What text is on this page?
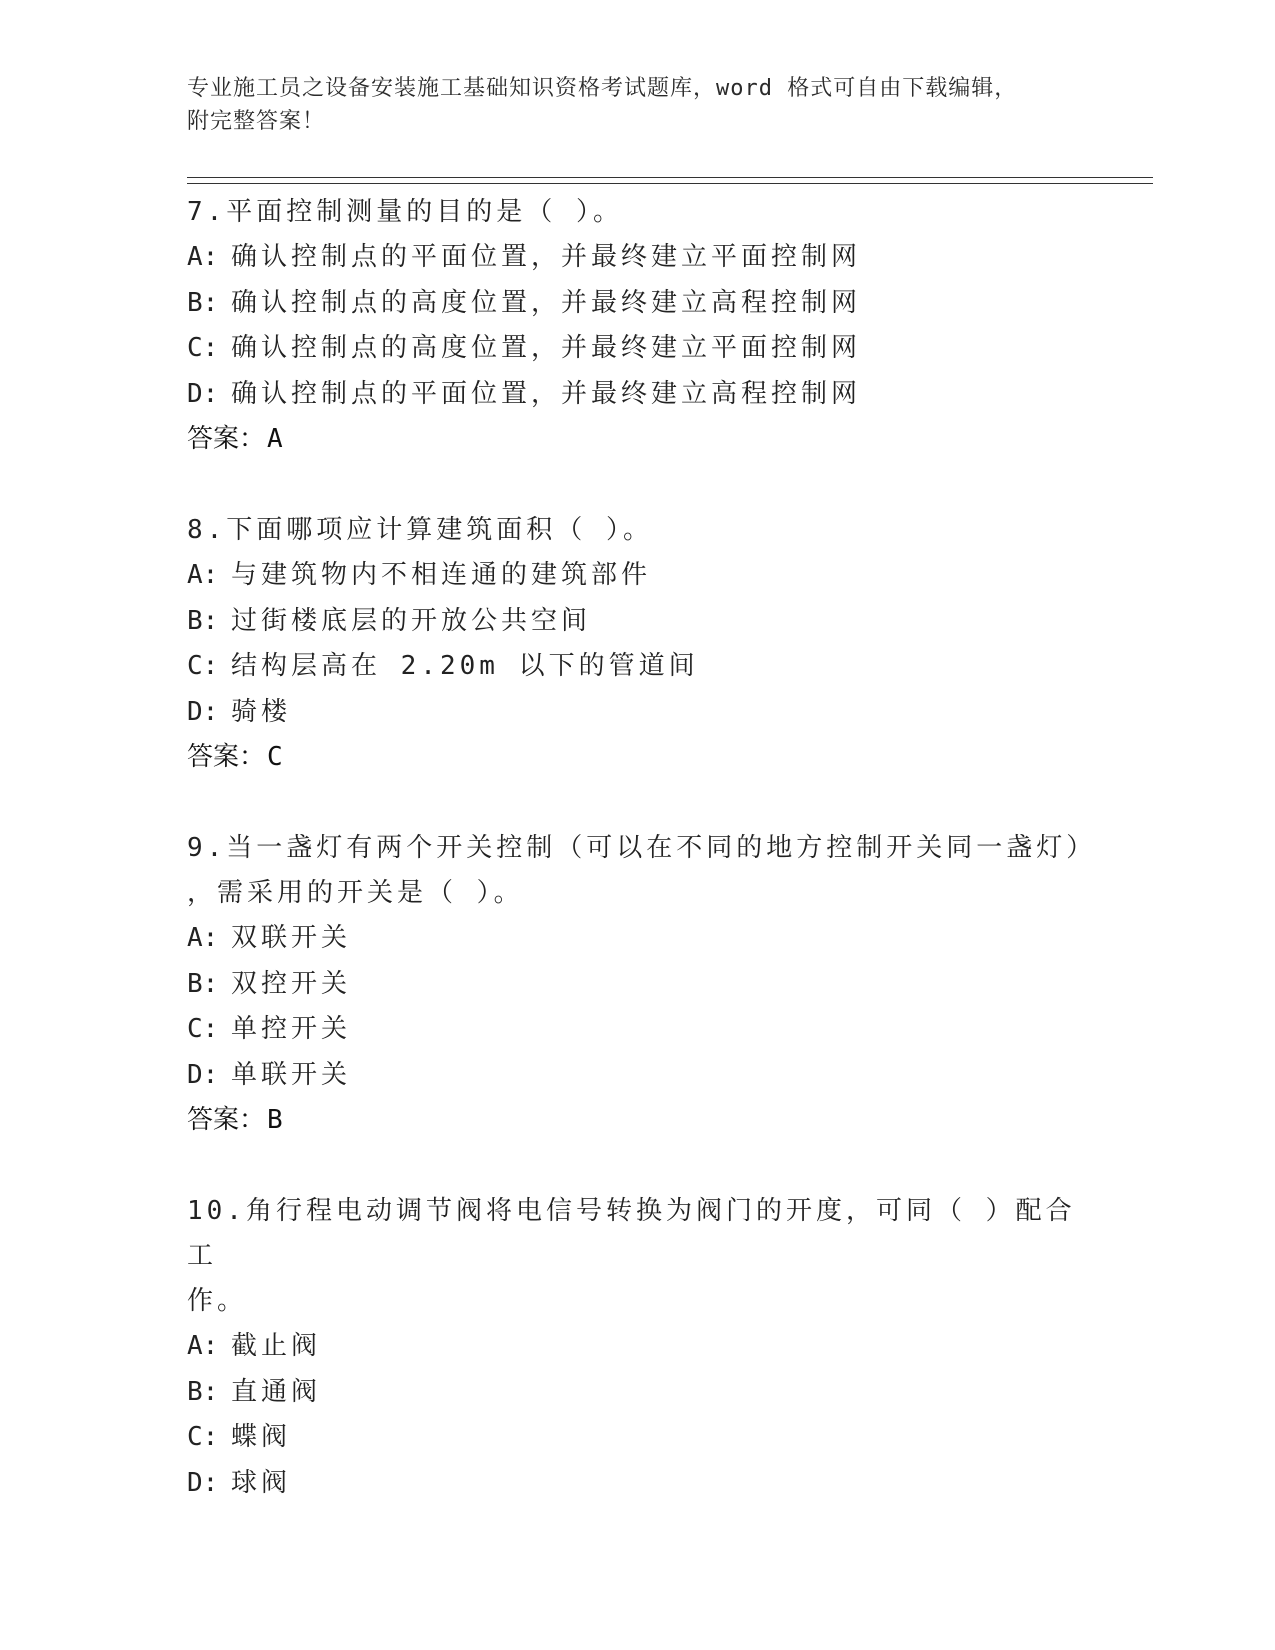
专业施工员之设备安装施工基础知识资格考试题库，word 格式可自由下载编辑，
附完整答案！
7.平面控制测量的目的是（ ）。
A: 确认控制点的平面位置，并最终建立平面控制网
B: 确认控制点的高度位置，并最终建立高程控制网
C: 确认控制点的高度位置，并最终建立平面控制网
D: 确认控制点的平面位置，并最终建立高程控制网
答案：A
8.下面哪项应计算建筑面积（ ）。
A: 与建筑物内不相连通的建筑部件
B: 过街楼底层的开放公共空间
C: 结构层高在 2.20m 以下的管道间
D: 骑楼
答案：C
9.当一盏灯有两个开关控制（可以在不同的地方控制开关同一盏灯）
，需采用的开关是（ ）。
A: 双联开关
B: 双控开关
C: 单控开关
D: 单联开关
答案：B
10.角行程电动调节阀将电信号转换为阀门的开度，可同（ ）配合工
作。
A: 截止阀
B: 直通阀
C: 蝶阀
D: 球阀
